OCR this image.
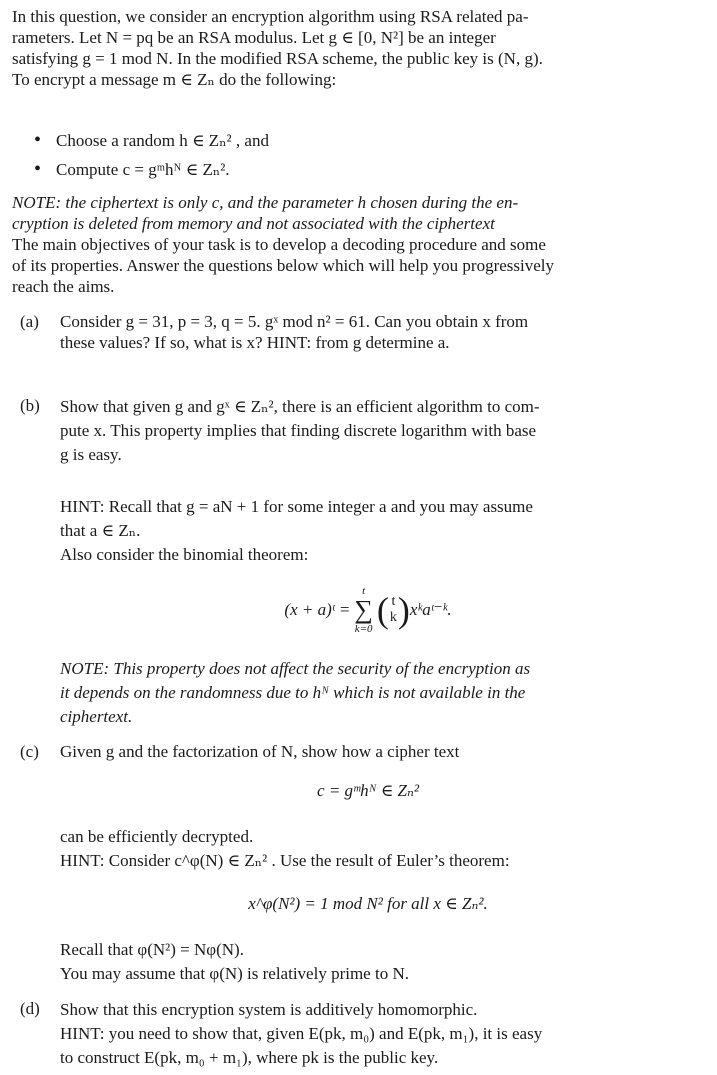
In this question, we consider an encryption algorithm using RSA related pa-

rameters. Let N = pq be an RSA modulus. Let g ∈ [0, N²] be an integer

satisfying g = 1 mod N. In the modified RSA scheme, the public key is (N, g).

To encrypt a message m ∈ Zₙ do the following:

• Choose a random h ∈ Zₙ² , and
• Compute c = gᵐhᴺ ∈ Zₙ².

NOTE: the ciphertext is only c, and the parameter h chosen during the en-

cryption is deleted from memory and not associated with the ciphertext

The main objectives of your task is to develop a decoding procedure and some

of its properties. Answer the questions below which will help you progressively

reach the aims.

(a) Consider g = 31, p = 3, q = 5. gˣ mod n² = 61. Can you obtain x from

these values? If so, what is x? HINT: from g determine a.

(b) Show that given g and gˣ ∈ Zₙ², there is an efficient algorithm to com-

pute x. This property implies that finding discrete logarithm with base

g is easy.

HINT: Recall that g = aN + 1 for some integer a and you may assume

that a ∈ Zₙ.

Also consider the binomial theorem:

(x + a)ᵗ =
t
∑
k=0 ( t
k ) xᵏaᵗ⁻ᵏ.

NOTE: This property does not affect the security of the encryption as

it depends on the randomness due to hᴺ which is not available in the

ciphertext.

(c) Given g and the factorization of N, show how a cipher text

c = gᵐhᴺ ∈ Zₙ²

can be efficiently decrypted.

HINT: Consider c^φ(N) ∈ Zₙ² . Use the result of Euler’s theorem:

x^φ(N²) = 1 mod N² for all x ∈ Zₙ².

Recall that φ(N²) = Nφ(N).

You may assume that φ(N) is relatively prime to N.

(d) Show that this encryption system is additively homomorphic.

HINT: you need to show that, given E(pk, m₀) and E(pk, m₁), it is easy

to construct E(pk, m₀ + m₁), where pk is the public key.
